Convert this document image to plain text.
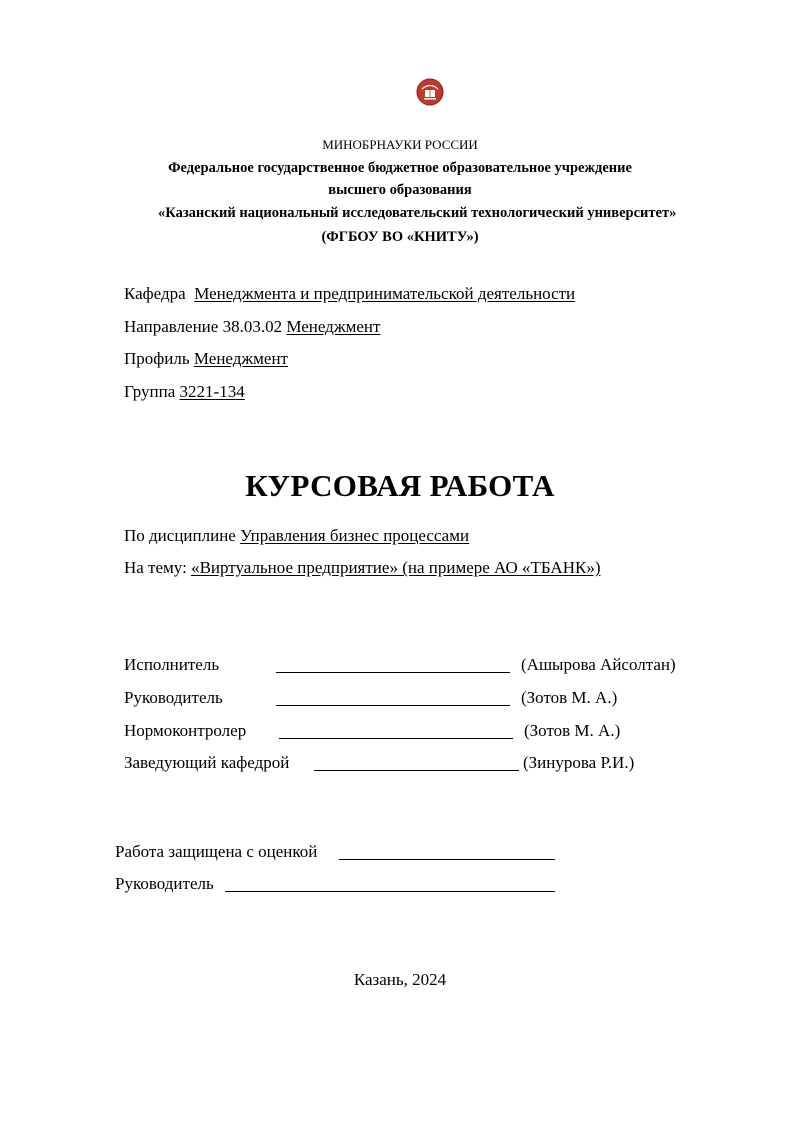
МИНОБРНАУКИ РОССИИ
Федеральное государственное бюджетное образовательное учреждение
высшего образования
«Казанский национальный исследовательский технологический университет»
(ФГБОУ ВО «КНИТУ»)
Кафедра Менеджмента и предпринимательской деятельности
Направление 38.03.02 Менеджмент
Профиль Менеджмент
Группа 3221-134
КУРСОВАЯ РАБОТА
По дисциплине Управления бизнес процессами
На тему: «Виртуальное предприятие» (на примере АО «ТБАНК»)
Исполнитель	(Ашырова Айсолтан)
Руководитель	(Зотов М. А.)
Нормоконтролер	(Зотов М. А.)
Заведующий кафедрой	(Зинурова Р.И.)
Работа защищена с оценкой
Руководитель
Казань, 2024
